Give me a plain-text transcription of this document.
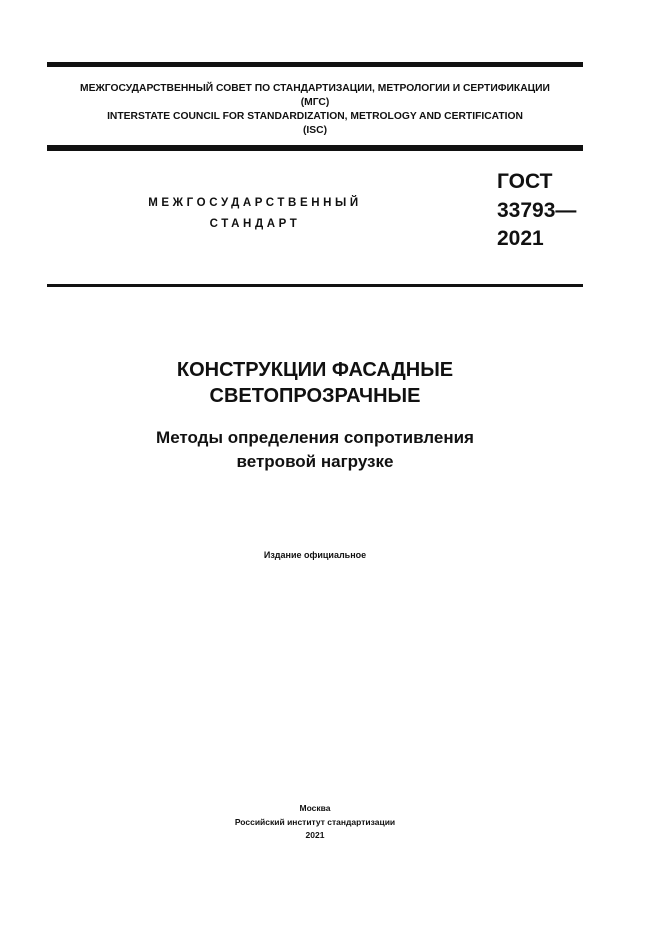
МЕЖГОСУДАРСТВЕННЫЙ СОВЕТ ПО СТАНДАРТИЗАЦИИ, МЕТРОЛОГИИ И СЕРТИФИКАЦИИ
(МГС)
INTERSTATE COUNCIL FOR STANDARDIZATION, METROLOGY AND CERTIFICATION
(ISC)
МЕЖГОСУДАРСТВЕННЫЙ
СТАНДАРТ
ГОСТ
33793—
2021
КОНСТРУКЦИИ ФАСАДНЫЕ
СВЕТОПРОЗРАЧНЫЕ
Методы определения сопротивления
ветровой нагрузке
Издание официальное
Москва
Российский институт стандартизации
2021
